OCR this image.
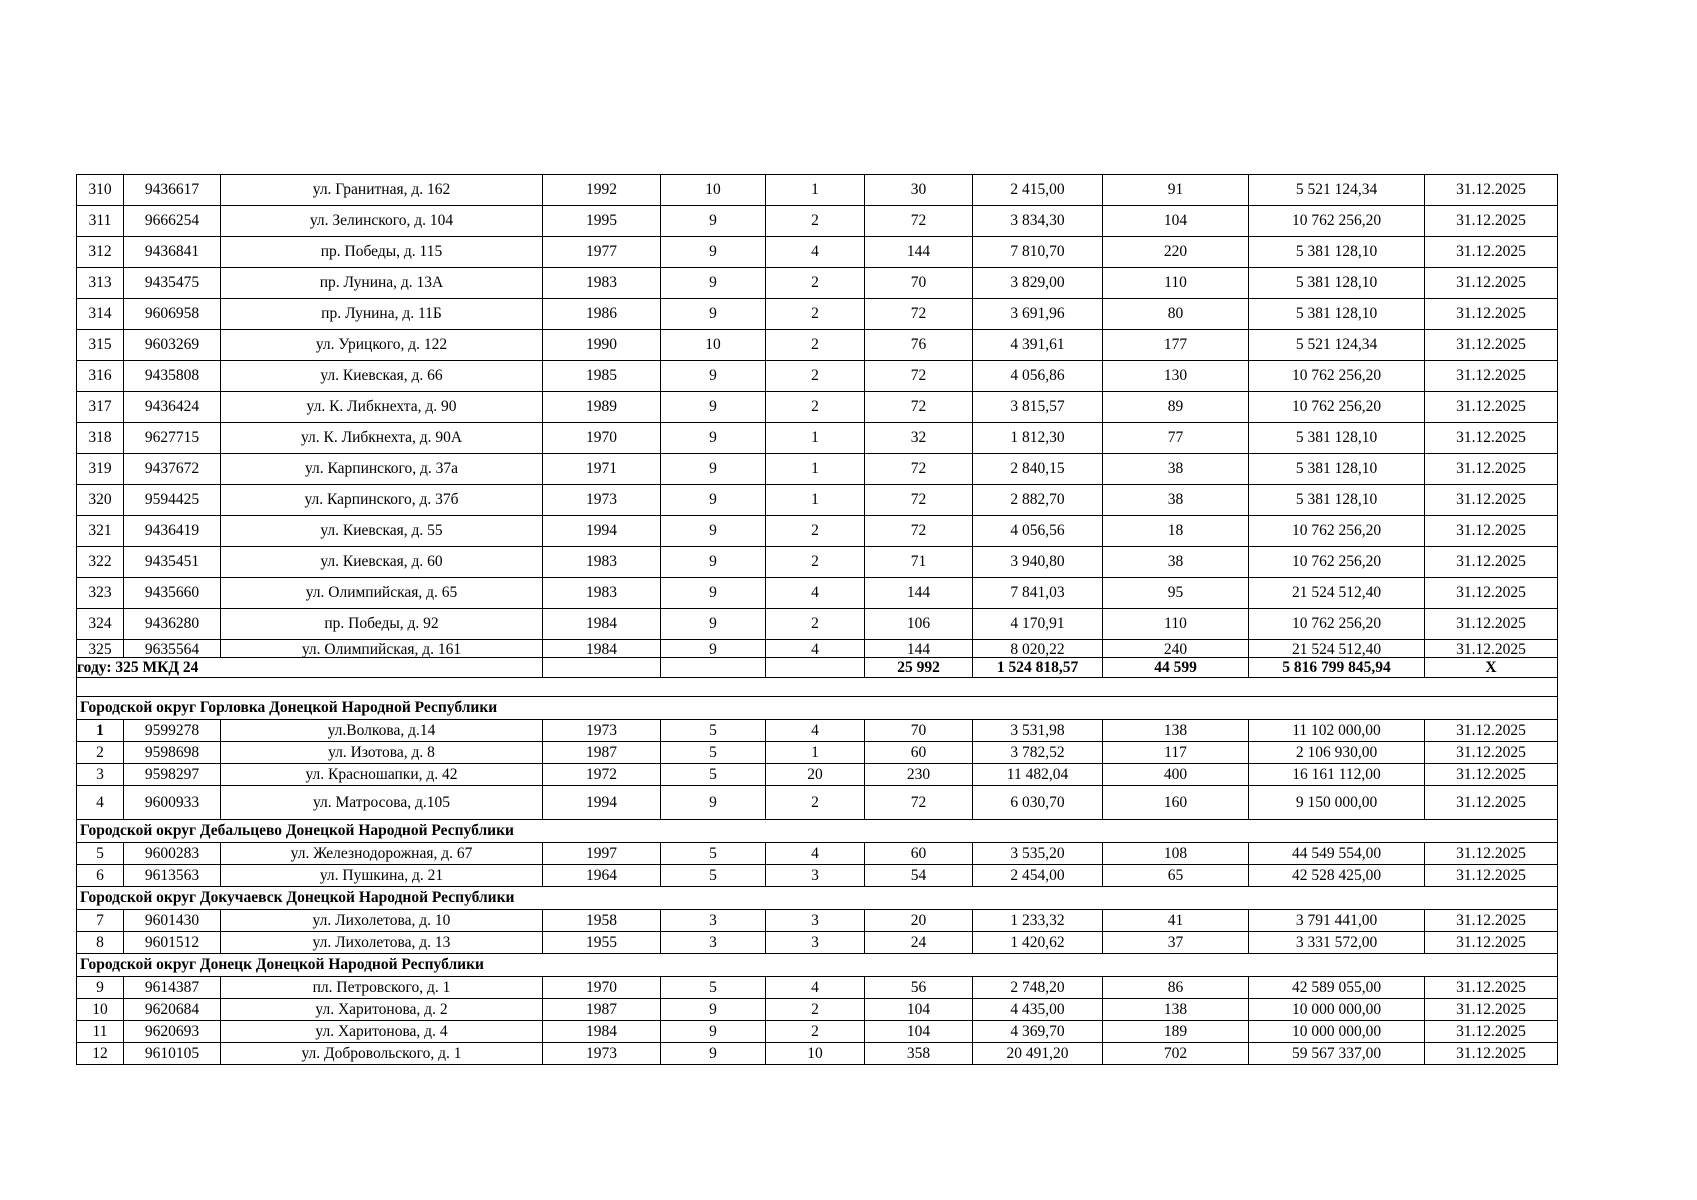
310	9436617	ул. Гранитная, д. 162	1992	10	1	30	2 415,00	91	5 521 124,34	31.12.2025
311	9666254	ул. Зелинского, д. 104	1995	9	2	72	3 834,30	104	10 762 256,20	31.12.2025
312	9436841	пр. Победы, д. 115	1977	9	4	144	7 810,70	220	5 381 128,10	31.12.2025
313	9435475	пр. Лунина, д. 13А	1983	9	2	70	3 829,00	110	5 381 128,10	31.12.2025
314	9606958	пр. Лунина, д. 11Б	1986	9	2	72	3 691,96	80	5 381 128,10	31.12.2025
315	9603269	ул. Урицкого, д. 122	1990	10	2	76	4 391,61	177	5 521 124,34	31.12.2025
316	9435808	ул. Киевская, д. 66	1985	9	2	72	4 056,86	130	10 762 256,20	31.12.2025
317	9436424	ул. К. Либкнехта, д. 90	1989	9	2	72	3 815,57	89	10 762 256,20	31.12.2025
318	9627715	ул. К. Либкнехта, д. 90А	1970	9	1	32	1 812,30	77	5 381 128,10	31.12.2025
319	9437672	ул. Карпинского, д. 37а	1971	9	1	72	2 840,15	38	5 381 128,10	31.12.2025
320	9594425	ул. Карпинского, д. 37б	1973	9	1	72	2 882,70	38	5 381 128,10	31.12.2025
321	9436419	ул. Киевская, д. 55	1994	9	2	72	4 056,56	18	10 762 256,20	31.12.2025
322	9435451	ул. Киевская, д. 60	1983	9	2	71	3 940,80	38	10 762 256,20	31.12.2025
323	9435660	ул. Олимпийская, д. 65	1983	9	4	144	7 841,03	95	21 524 512,40	31.12.2025
324	9436280	пр. Победы, д. 92	1984	9	2	106	4 170,91	110	10 762 256,20	31.12.2025
325	9635564	ул. Олимпийская, д. 161	1984	9	4	144	8 020,22	240	21 524 512,40	31.12.2025
24 году: 325 МКД						25 992	1 524 818,57	44 599	5 816 799 845,94	X

Городской округ Горловка Донецкой Народной Республики										
1	9599278	ул.Волкова, д.14	1973	5	4	70	3 531,98	138	11 102 000,00	31.12.2025
2	9598698	ул. Изотова, д. 8	1987	5	1	60	3 782,52	117	2 106 930,00	31.12.2025
3	9598297	ул. Красношапки, д. 42	1972	5	20	230	11 482,04	400	16 161 112,00	31.12.2025
4	9600933	ул. Матросова, д.105	1994	9	2	72	6 030,70	160	9 150 000,00	31.12.2025
Городской округ Дебальцево Донецкой Народной Республики										
5	9600283	ул. Железнодорожная, д. 67	1997	5	4	60	3 535,20	108	44 549 554,00	31.12.2025
6	9613563	ул. Пушкина, д. 21	1964	5	3	54	2 454,00	65	42 528 425,00	31.12.2025
Городской округ Докучаевск Донецкой Народной Республики										
7	9601430	ул. Лихолетова, д. 10	1958	3	3	20	1 233,32	41	3 791 441,00	31.12.2025
8	9601512	ул. Лихолетова, д. 13	1955	3	3	24	1 420,62	37	3 331 572,00	31.12.2025
Городской округ Донецк Донецкой Народной Республики										
9	9614387	пл. Петровского, д. 1	1970	5	4	56	2 748,20	86	42 589 055,00	31.12.2025
10	9620684	ул. Харитонова, д. 2	1987	9	2	104	4 435,00	138	10 000 000,00	31.12.2025
11	9620693	ул. Харитонова, д. 4	1984	9	2	104	4 369,70	189	10 000 000,00	31.12.2025
12	9610105	ул. Добровольского, д. 1	1973	9	10	358	20 491,20	702	59 567 337,00	31.12.2025
